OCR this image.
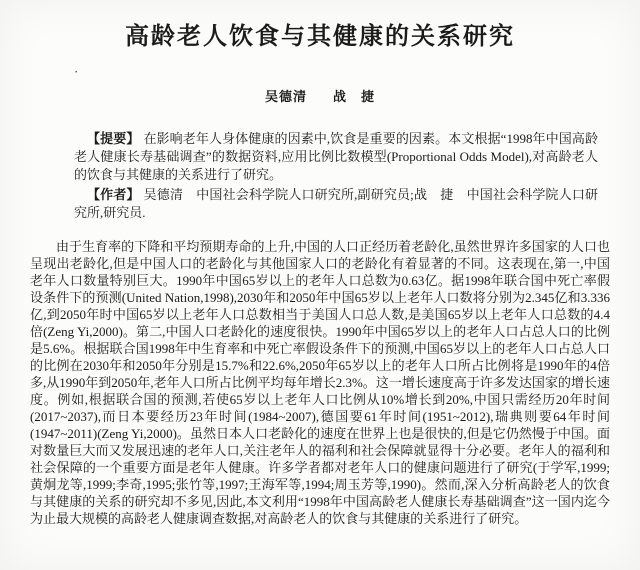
高龄老人饮食与其健康的关系研究
·
吴德清 战　捷

【提要】 在影响老年人身体健康的因素中,饮食是重要的因素。本文根据“1998年中国高龄老人健康长寿基础调查”的数据资料,应用比例比数模型(Proportional Odds Model),对高龄老人的饮食与其健康的关系进行了研究。

【作者】 吴德清　中国社会科学院人口研究所,副研究员;战　捷　中国社会科学院人口研究所,研究员.

由于生育率的下降和平均预期寿命的上升,中国的人口正经历着老龄化,虽然世界许多国家的人口也呈现出老龄化,但是中国人口的老龄化与其他国家人口的老龄化有着显著的不同。这表现在,第一,中国老年人口数量特别巨大。1990年中国65岁以上的老年人口总数为0.63亿。据1998年联合国中死亡率假设条件下的预测(United Nation,1998),2030年和2050年中国65岁以上老年人口数将分别为2.345亿和3.336亿,到2050年时中国65岁以上老年人口总数相当于美国人口总人数,是美国65岁以上老年人口总数的4.4倍(Zeng Yi,2000)。第二,中国人口老龄化的速度很快。1990年中国65岁以上的老年人口占总人口的比例是5.6%。根据联合国1998年中生育率和中死亡率假设条件下的预测,中国65岁以上的老年人口占总人口的比例在2030年和2050年分别是15.7%和22.6%,2050年65岁以上的老年人口所占比例将是1990年的4倍多,从1990年到2050年,老年人口所占比例平均每年增长2.3%。这一增长速度高于许多发达国家的增长速度。例如,根据联合国的预测,若使65岁以上老年人口比例从10%增长到20%,中国只需经历20年时间(2017~2037),而日本要经历23年时间(1984~2007),德国要61年时间(1951~2012),瑞典则要64年时间(1947~2011)(Zeng Yi,2000)。虽然日本人口老龄化的速度在世界上也是很快的,但是它仍然慢于中国。面对数量巨大而又发展迅速的老年人口,关注老年人的福利和社会保障就显得十分必要。老年人的福利和社会保障的一个重要方面是老年人健康。许多学者都对老年人口的健康问题进行了研究(于学军,1999;黄炯龙等,1999;李奇,1995;张竹等,1997;王海军等,1994;周玉芳等,1990)。然而,深入分析高龄老人的饮食与其健康的关系的研究却不多见,因此,本文利用“1998年中国高龄老人健康长寿基础调查”这一国内迄今为止最大规模的高龄老人健康调查数据,对高龄老人的饮食与其健康的关系进行了研究。
